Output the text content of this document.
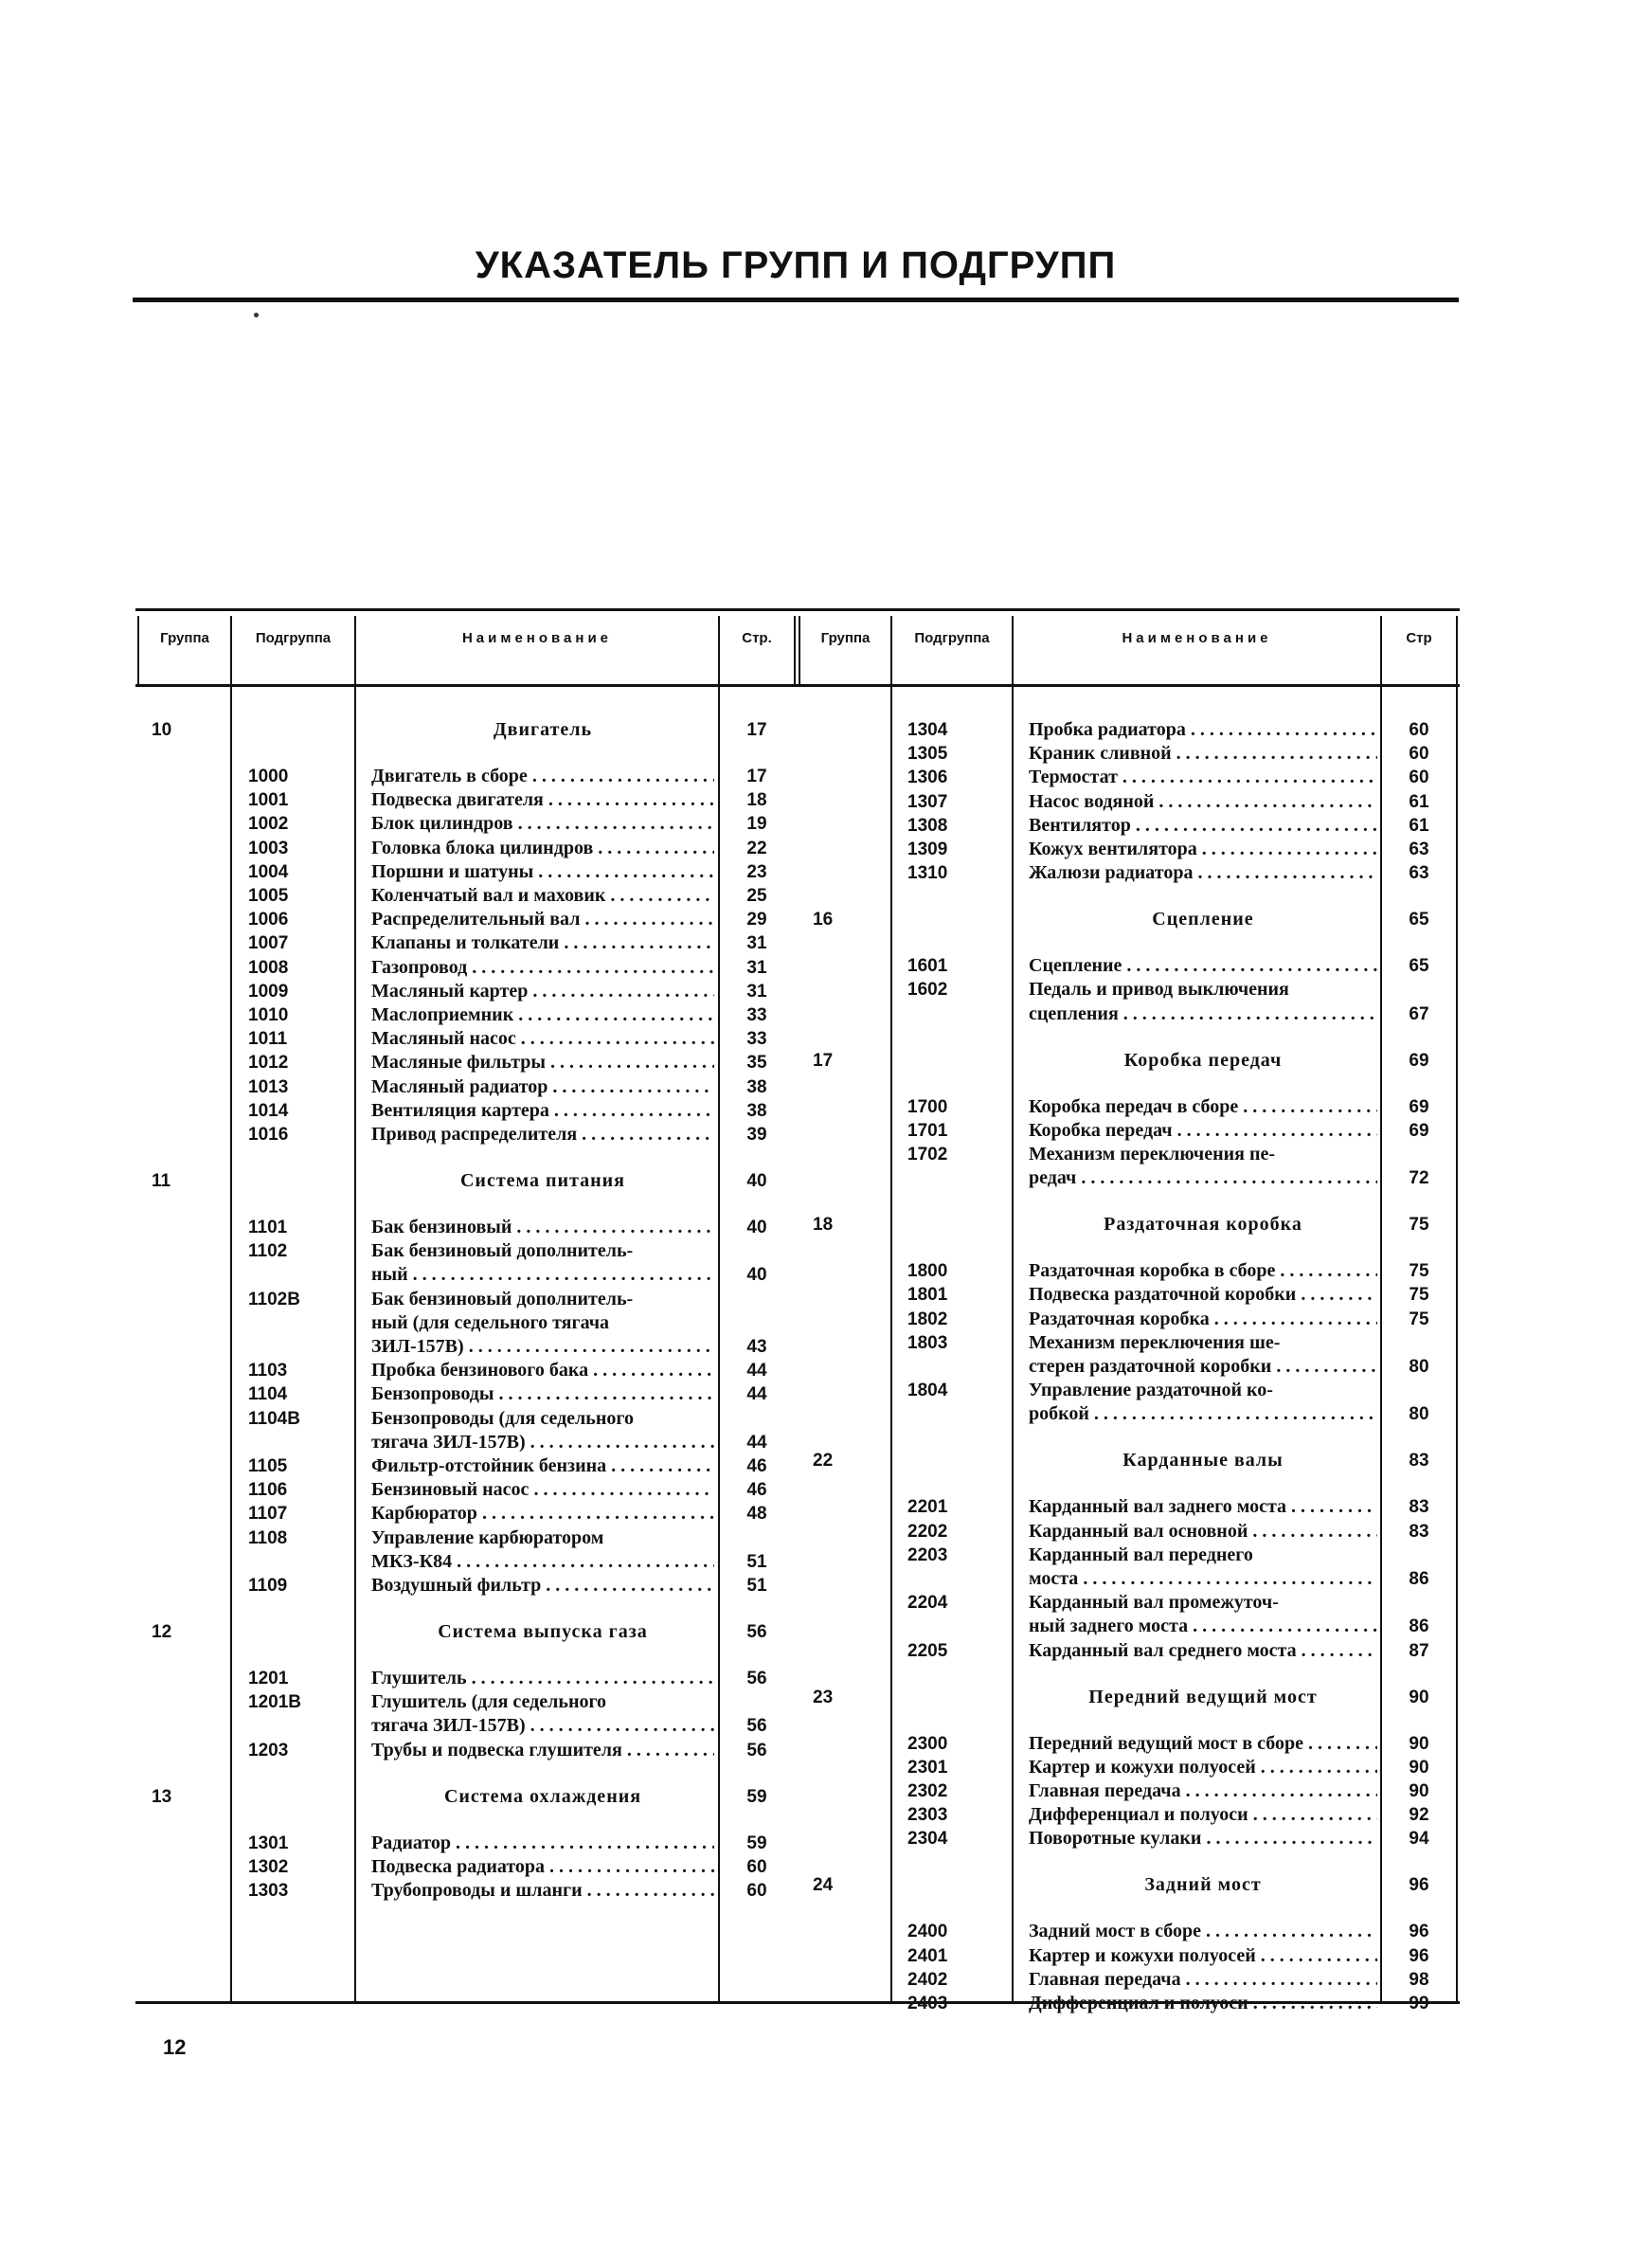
УКАЗАТЕЛЬ ГРУПП И ПОДГРУПП
Группа	Подгруппа	Наименование	Стр.	Группа	Подгруппа	Наименование	Стр
10	Двигатель	17
1000	Двигатель в сборе . . .	17
1001	Подвеска двигателя . . .	18
1002	Блок цилиндров . . .	19
1003	Головка блока цилиндров . . .	22
1004	Поршни и шатуны . . .	23
1005	Коленчатый вал и маховик . . .	25
1006	Распределительный вал . . .	29
1007	Клапаны и толкатели . . .	31
1008	Газопровод . . .	31
1009	Масляный картер . . .	31
1010	Маслоприемник . . .	33
1011	Масляный насос . . .	33
1012	Масляные фильтры . . .	35
1013	Масляный радиатор . . .	38
1014	Вентиляция картера . . .	38
1016	Привод распределителя . . .	39
11	Система питания	40
1101	Бак бензиновый . . .	40
1102	Бак бензиновый дополнитель-
ный . . .	40
1102В	Бак бензиновый дополнитель-
ный (для седельного тягача
ЗИЛ-157В) . . .	43
1103	Пробка бензинового бака . . .	44
1104	Бензопроводы . . .	44
1104В	Бензопроводы (для седельного
тягача ЗИЛ-157В) . . .	44
1105	Фильтр-отстойник бензина . . .	46
1106	Бензиновый насос . . .	46
1107	Карбюратор . . .	48
1108	Управление карбюратором
МКЗ-К84 . . .	51
1109	Воздушный фильтр . . .	51
12	Система выпуска газа	56
1201	Глушитель . . .	56
1201В	Глушитель (для седельного
тягача ЗИЛ-157В) . . .	56
1203	Трубы и подвеска глушителя . . .	56
13	Система охлаждения	59
1301	Радиатор . . .	59
1302	Подвеска радиатора . . .	60
1303	Трубопроводы и шланги . . .	60
1304	Пробка радиатора . . .	60
1305	Краник сливной . . .	60
1306	Термостат . . .	60
1307	Насос водяной . . .	61
1308	Вентилятор . . .	61
1309	Кожух вентилятора . . .	63
1310	Жалюзи радиатора . . .	63
16	Сцепление	65
1601	Сцепление . . .	65
1602	Педаль и привод выключения
сцепления . . .	67
17	Коробка передач	69
1700	Коробка передач в сборе . . .	69
1701	Коробка передач . . .	69
1702	Механизм переключения пе-
редач . . .	72
18	Раздаточная коробка	75
1800	Раздаточная коробка в сборе . . .	75
1801	Подвеска раздаточной коробки . . .	75
1802	Раздаточная коробка . . .	75
1803	Механизм переключения ше-
стерен раздаточной коробки . . .	80
1804	Управление раздаточной ко-
робкой . . .	80
22	Карданные валы	83
2201	Карданный вал заднего моста . . .	83
2202	Карданный вал основной . . .	83
2203	Карданный вал переднего
моста . . .	86
2204	Карданный вал промежуточ-
ный заднего моста . . .	86
2205	Карданный вал среднего моста . . .	87
23	Передний ведущий мост	90
2300	Передний ведущий мост в сборе . . .	90
2301	Картер и кожухи полуосей . . .	90
2302	Главная передача . . .	90
2303	Дифференциал и полуоси . . .	92
2304	Поворотные кулаки . . .	94
24	Задний мост	96
2400	Задний мост в сборе . . .	96
2401	Картер и кожухи полуосей . . .	96
2402	Главная передача . . .	98
2403	Дифференциал и полуоси . . .	99
12
